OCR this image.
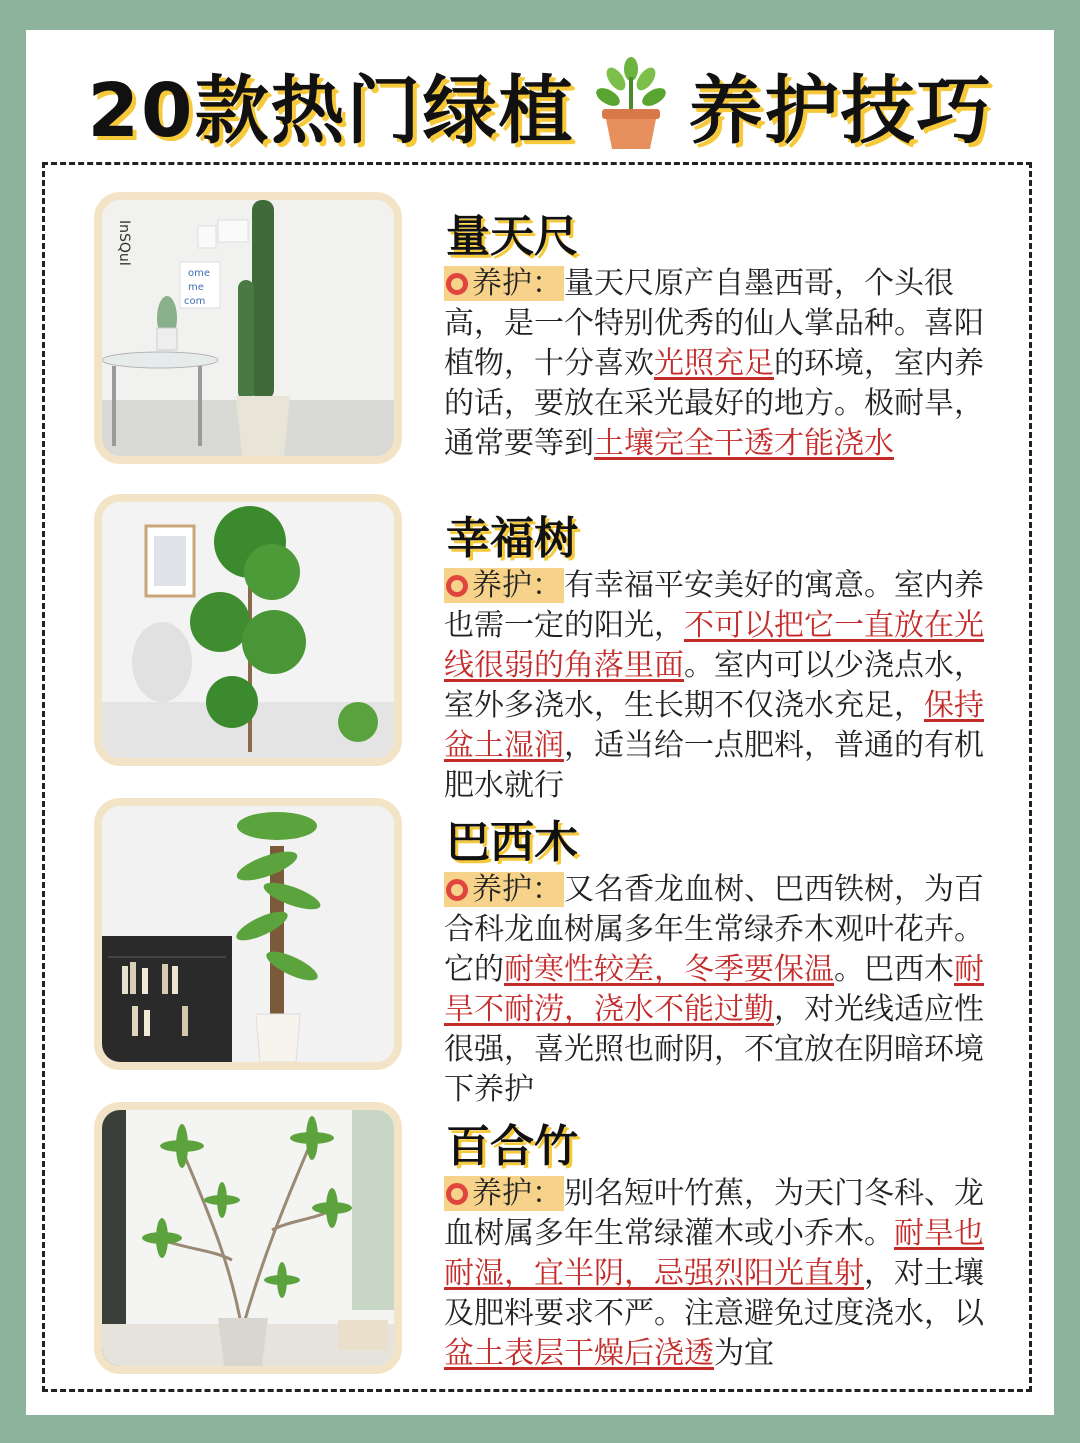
20款热门绿植 养护技巧
InSQuI
ome
me
com
量天尺
养护：量天尺原产自墨西哥，个头很高，是一个特别优秀的仙人掌品种。喜阳植物，十分喜欢光照充足的环境，室内养的话，要放在采光最好的地方。极耐旱，通常要等到土壤完全干透才能浇水
幸福树
养护：有幸福平安美好的寓意。室内养也需一定的阳光，不可以把它一直放在光线很弱的角落里面。室内可以少浇点水，室外多浇水，生长期不仅浇水充足，保持盆土湿润，适当给一点肥料，普通的有机肥水就行
巴西木
养护：又名香龙血树、巴西铁树，为百合科龙血树属多年生常绿乔木观叶花卉。它的耐寒性较差，冬季要保温。巴西木耐旱不耐涝，浇水不能过勤，对光线适应性很强，喜光照也耐阴，不宜放在阴暗环境下养护
百合竹
养护：别名短叶竹蕉，为天门冬科、龙血树属多年生常绿灌木或小乔木。耐旱也耐湿，宜半阴，忌强烈阳光直射，对土壤及肥料要求不严。注意避免过度浇水，以盆土表层干燥后浇透为宜
